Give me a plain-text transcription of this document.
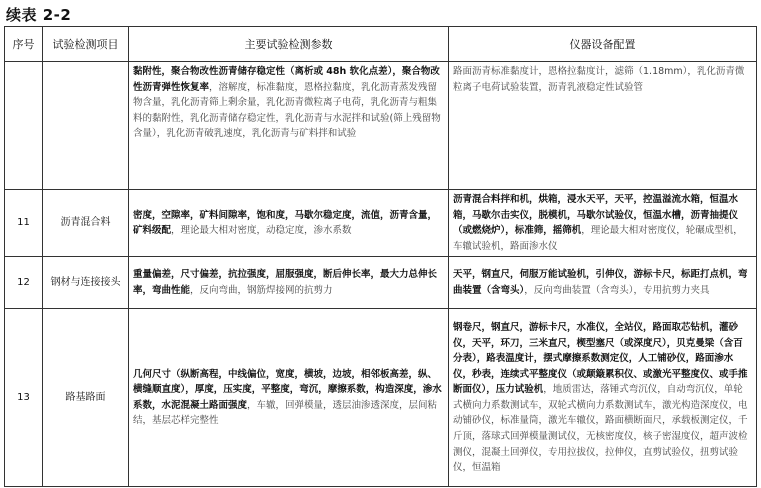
续表 2-2
序号	试验检测项目	主要试验检测参数	仪器设备配置
		黏附性，聚合物改性沥青储存稳定性（离析或 48h 软化点差），聚合物改性沥青弹性恢复率，溶解度，标准黏度，恩格拉黏度，乳化沥青蒸发残留物含量，乳化沥青筛上剩余量，乳化沥青微粒离子电荷，乳化沥青与粗集料的黏附性，乳化沥青储存稳定性，乳化沥青与水泥拌和试验(筛上残留物含量），乳化沥青破乳速度，乳化沥青与矿料拌和试验	路面沥青标准黏度计，恩格拉黏度计，滤筛（1.18mm），乳化沥青微粒离子电荷试验装置，沥青乳液稳定性试验管
11	沥青混合料	密度，空隙率，矿料间隙率，饱和度，马歇尔稳定度，流值，沥青含量，矿料级配，理论最大相对密度，动稳定度，渗水系数	沥青混合料拌和机，烘箱，浸水天平，天平，控温溢流水箱，恒温水箱，马歇尔击实仪，脱模机，马歇尔试验仪，恒温水槽，沥青抽提仪（或燃烧炉），标准筛，摇筛机，理论最大相对密度仪，轮碾成型机，车辙试验机，路面渗水仪
12	钢材与连接接头	重量偏差，尺寸偏差，抗拉强度，屈服强度，断后伸长率，最大力总伸长率，弯曲性能，反向弯曲，钢筋焊接网的抗剪力	天平，钢直尺，伺服万能试验机，引伸仪，游标卡尺，标距打点机，弯曲装置（含弯头），反向弯曲装置（含弯头），专用抗剪力夹具
13	路基路面	几何尺寸（纵断高程，中线偏位，宽度，横坡，边坡，相邻板高差，纵、横缝顺直度），厚度，压实度，平整度，弯沉，摩擦系数，构造深度，渗水系数，水泥混凝土路面强度，车辙，回弹模量，透层油渗透深度，层间粘结，基层芯样完整性	钢卷尺，钢直尺，游标卡尺，水准仪，全站仪，路面取芯钻机，灌砂仪，天平，环刀，三米直尺，楔型塞尺（或深度尺），贝克曼梁（含百分表），路表温度计，摆式摩擦系数测定仪，人工铺砂仪，路面渗水仪，秒表，连续式平整度仪（或颠簸累积仪、或激光平整度仪、或手推断面仪），压力试验机，地质雷达，落锤式弯沉仪，自动弯沉仪，单轮式横向力系数测试车，双轮式横向力系数测试车，激光构造深度仪，电动铺砂仪，标准量筒，激光车辙仪，路面横断面尺，承载板测定仪，千斤顶，落球式回弹模量测试仪，无核密度仪，核子密湿度仪，超声波检测仪，混凝土回弹仪，专用拉拔仪，拉伸仪，直剪试验仪，扭剪试验仪，恒温箱
